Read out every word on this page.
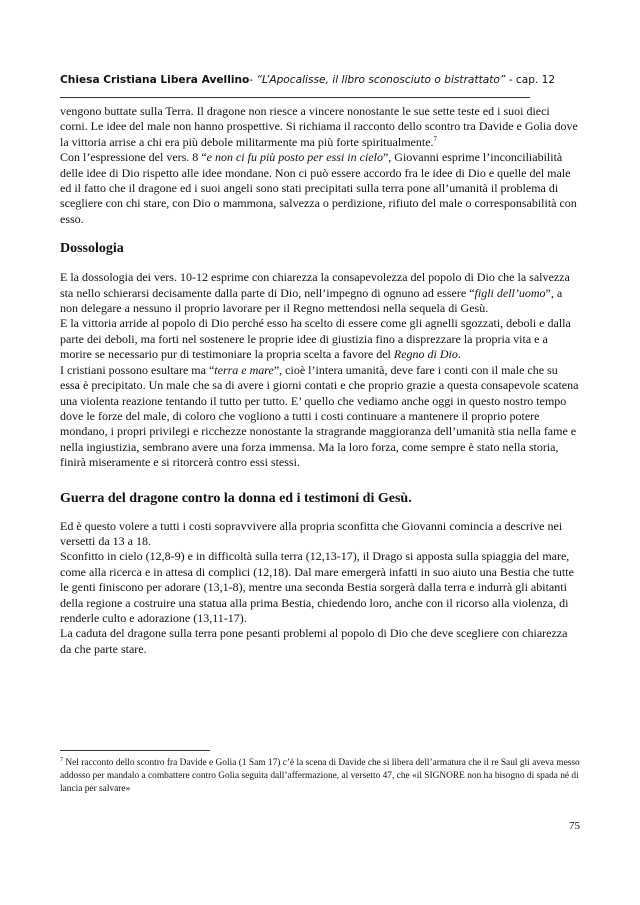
Chiesa Cristiana Libera Avellino- “L’Apocalisse, il libro sconosciuto o bistrattato” - cap. 12

vengono buttate sulla Terra. Il dragone non riesce a vincere nonostante le sue sette teste ed i suoi dieci corni. Le idee del male non hanno prospettive. Si richiama il racconto dello scontro tra Davide e Golia dove la vittoria arrise a chi era più debole militarmente ma più forte spiritualmente.$^7$

Con l’espressione del vers. 8 “e non ci fu più posto per essi in cielo”, Giovanni esprime l’inconciliabilità delle idee di Dio rispetto alle idee mondane. Non ci può essere accordo fra le idee di Dio e quelle del male ed il fatto che il dragone ed i suoi angeli sono stati precipitati sulla terra pone all’umanità il problema di scegliere con chi stare, con Dio o mammona, salvezza o perdizione, rifiuto del male o corresponsabilità con esso.

Dossologia

E la dossologia dei vers. 10-12 esprime con chiarezza la consapevolezza del popolo di Dio che la salvezza sta nello schierarsi decisamente dalla parte di Dio, nell’impegno di ognuno ad essere “figli dell’uomo”, a non delegare a nessuno il proprio lavorare per il Regno mettendosi nella sequela di Gesù.

E la vittoria arride al popolo di Dio perché esso ha scelto di essere come gli agnelli sgozzati, deboli e dalla parte dei deboli, ma forti nel sostenere le proprie idee di giustizia fino a disprezzare la propria vita e a morire se necessario pur di testimoniare la propria scelta a favore del Regno di Dio.

I cristiani possono esultare ma “terra e mare”, cioè l’intera umanità, deve fare i conti con il male che su essa è precipitato. Un male che sa di avere i giorni contati e che proprio grazie a questa consapevole scatena una violenta reazione tentando il tutto per tutto. E’ quello che vediamo anche oggi in questo nostro tempo dove le forze del male, di coloro che vogliono a tutti i costi continuare a mantenere il proprio potere mondano, i propri privilegi e ricchezze nonostante la stragrande maggioranza dell’umanità stia nella fame e nella ingiustizia, sembrano avere una forza immensa. Ma la loro forza, come sempre è stato nella storia, finirà miseramente e si ritorcerà contro essi stessi.

Guerra del dragone contro la donna ed i testimoni di Gesù.

Ed è questo volere a tutti i costi sopravvivere alla propria sconfitta che Giovanni comincia a descrive nei versetti da 13 a 18.

Sconfitto in cielo (12,8-9) e in difficoltà sulla terra (12,13-17), il Drago si apposta sulla spiaggia del mare, come alla ricerca e in attesa di complici (12,18). Dal mare emergerà infatti in suo aiuto una Bestia che tutte le genti finiscono per adorare (13,1-8), mentre una seconda Bestia sorgerà dalla terra e indurrà gli abitanti della regione a costruire una statua alla prima Bestia, chiedendo loro, anche con il ricorso alla violenza, di renderle culto e adorazione (13,11-17).

La caduta del dragone sulla terra pone pesanti problemi al popolo di Dio che deve scegliere con chiarezza da che parte stare.

$^7$ Nel racconto dello scontro fra Davide e Golia (1 Sam 17) c’è la scena di Davide che si libera dell’armatura che il re Saul gli aveva messo addosso per mandalo a combattere contro Golia seguita dall’affermazione, al versetto 47, che «il SIGNORE non ha bisogno di spada né di lancia per salvare»
75
